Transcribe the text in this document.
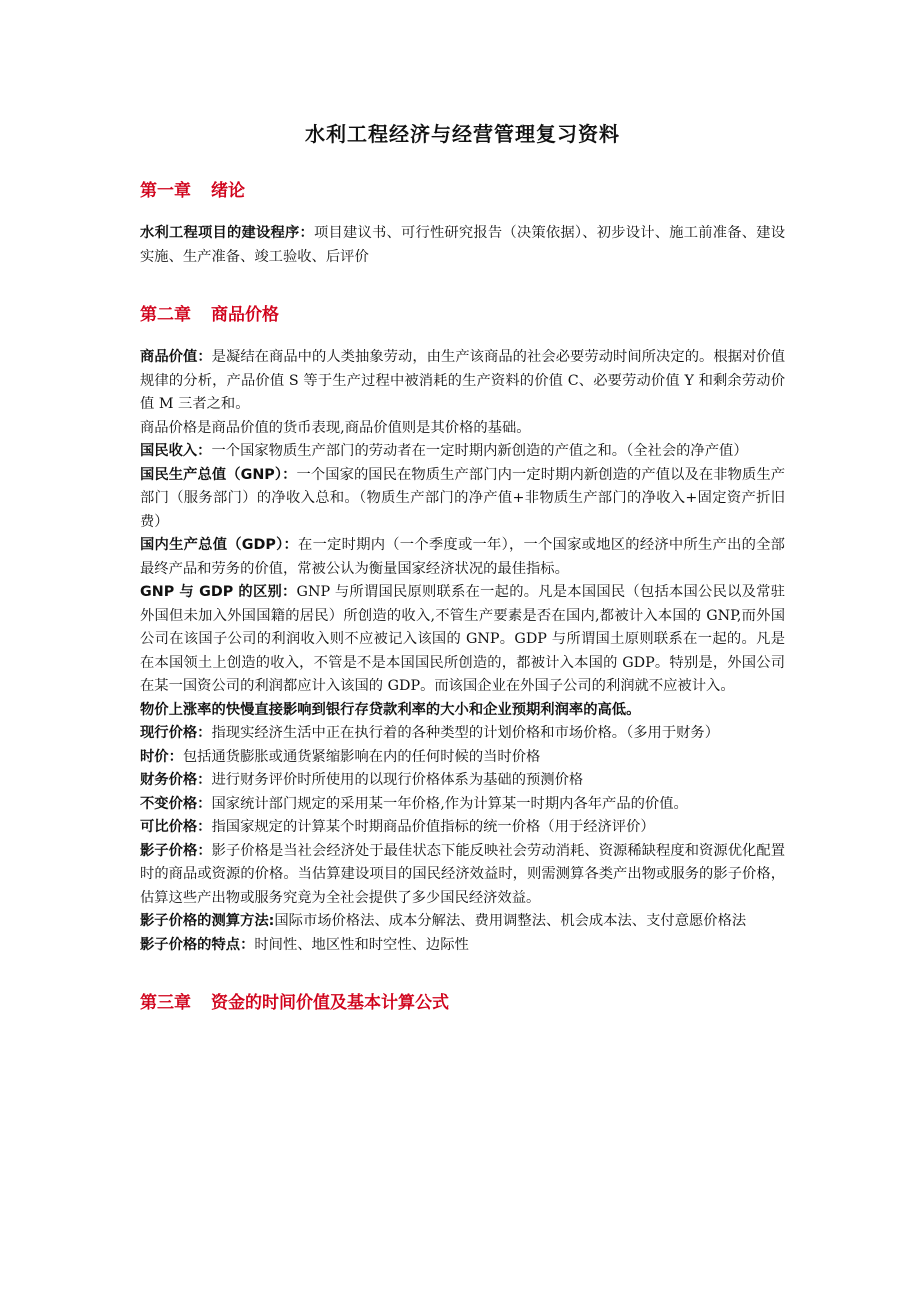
水利工程经济与经营管理复习资料
第一章 绪论

水利工程项目的建设程序：项目建议书、可行性研究报告（决策依据）、初步设计、施工前准备、建设实施、生产准备、竣工验收、后评价

第二章 商品价格

商品价值：是凝结在商品中的人类抽象劳动，由生产该商品的社会必要劳动时间所决定的。根据对价值规律的分析，产品价值 S 等于生产过程中被消耗的生产资料的价值 C、必要劳动价值 Y 和剩余劳动价值 M 三者之和。

商品价格是商品价值的货币表现,商品价值则是其价格的基础。

国民收入：一个国家物质生产部门的劳动者在一定时期内新创造的产值之和。（全社会的净产值）

国民生产总值（GNP）：一个国家的国民在物质生产部门内一定时期内新创造的产值以及在非物质生产部门（服务部门）的净收入总和。（物质生产部门的净产值+非物质生产部门的净收入+固定资产折旧费）

国内生产总值（GDP）：在一定时期内（一个季度或一年），一个国家或地区的经济中所生产出的全部最终产品和劳务的价值，常被公认为衡量国家经济状况的最佳指标。

GNP 与 GDP 的区别：GNP 与所谓国民原则联系在一起的。凡是本国国民（包括本国公民以及常驻外国但未加入外国国籍的居民）所创造的收入,不管生产要素是否在国内,都被计入本国的 GNP,而外国公司在该国子公司的利润收入则不应被记入该国的 GNP。GDP 与所谓国土原则联系在一起的。凡是在本国领土上创造的收入，不管是不是本国国民所创造的，都被计入本国的 GDP。特别是，外国公司在某一国资公司的利润都应计入该国的 GDP。而该国企业在外国子公司的利润就不应被计入。

物价上涨率的快慢直接影响到银行存贷款利率的大小和企业预期利润率的高低。

现行价格：指现实经济生活中正在执行着的各种类型的计划价格和市场价格。（多用于财务）

时价：包括通货膨胀或通货紧缩影响在内的任何时候的当时价格

财务价格：进行财务评价时所使用的以现行价格体系为基础的预测价格

不变价格：国家统计部门规定的采用某一年价格,作为计算某一时期内各年产品的价值。

可比价格：指国家规定的计算某个时期商品价值指标的统一价格（用于经济评价）

影子价格：影子价格是当社会经济处于最佳状态下能反映社会劳动消耗、资源稀缺程度和资源优化配置时的商品或资源的价格。当估算建设项目的国民经济效益时，则需测算各类产出物或服务的影子价格，估算这些产出物或服务究竟为全社会提供了多少国民经济效益。

影子价格的测算方法:国际市场价格法、成本分解法、费用调整法、机会成本法、支付意愿价格法

影子价格的特点：时间性、地区性和时空性、边际性

第三章 资金的时间价值及基本计算公式
